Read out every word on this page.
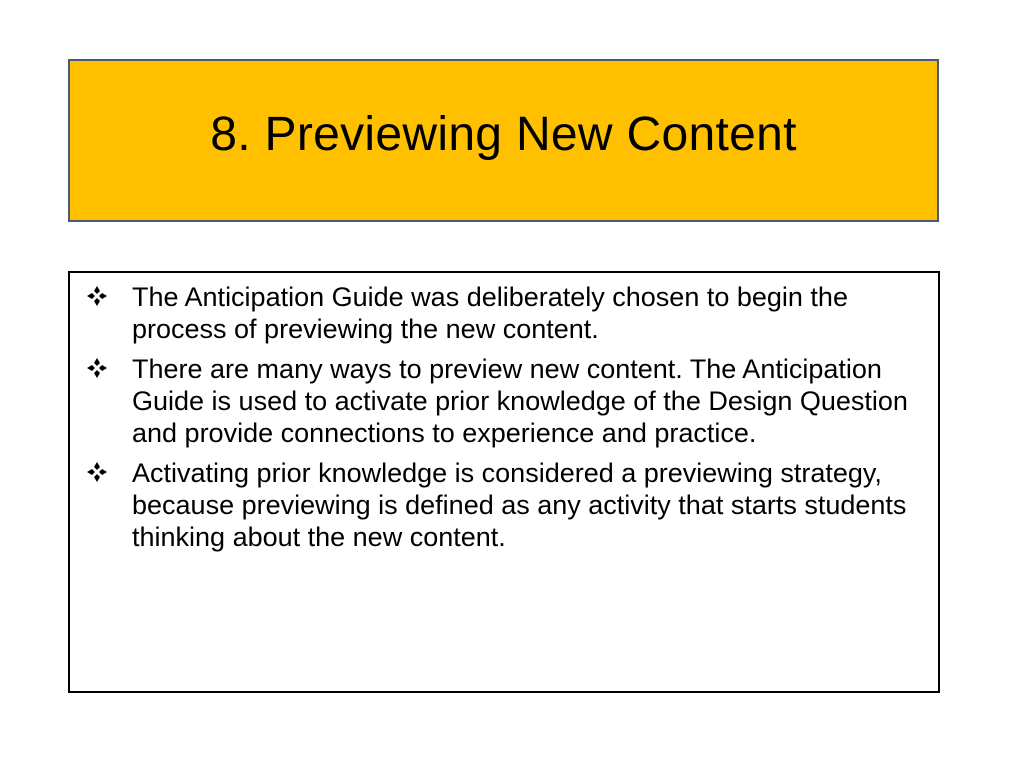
8. Previewing New Content
The Anticipation Guide was deliberately chosen to begin the process of previewing the new content.
There are many ways to preview new content. The Anticipation Guide is used to activate prior knowledge of the Design Question and provide connections to experience and practice.
Activating prior knowledge is considered a previewing strategy, because previewing is defined as any activity that starts students thinking about the new content.
